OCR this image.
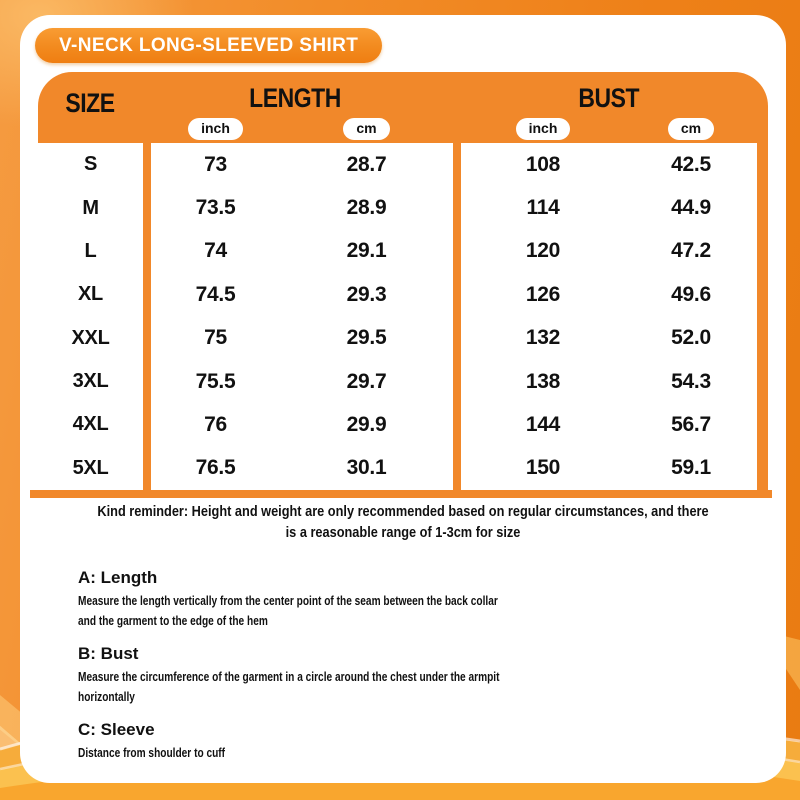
V-NECK LONG-SLEEVED SHIRT
SIZE	LENGTH	BUST
inch	cm	inch	cm
S	73	28.7	108	42.5
M	73.5	28.9	114	44.9
L	74	29.1	120	47.2
XL	74.5	29.3	126	49.6
XXL	75	29.5	132	52.0
3XL	75.5	29.7	138	54.3
4XL	76	29.9	144	56.7
5XL	76.5	30.1	150	59.1
Kind reminder: Height and weight are only recommended based on regular circumstances, and there
is a reasonable range of 1-3cm for size
A: Length
Measure the length vertically from the center point of the seam between the back collar
and the garment to the edge of the hem
B: Bust
Measure the circumference of the garment in a circle around the chest under the armpit
horizontally
C: Sleeve
Distance from shoulder to cuff
